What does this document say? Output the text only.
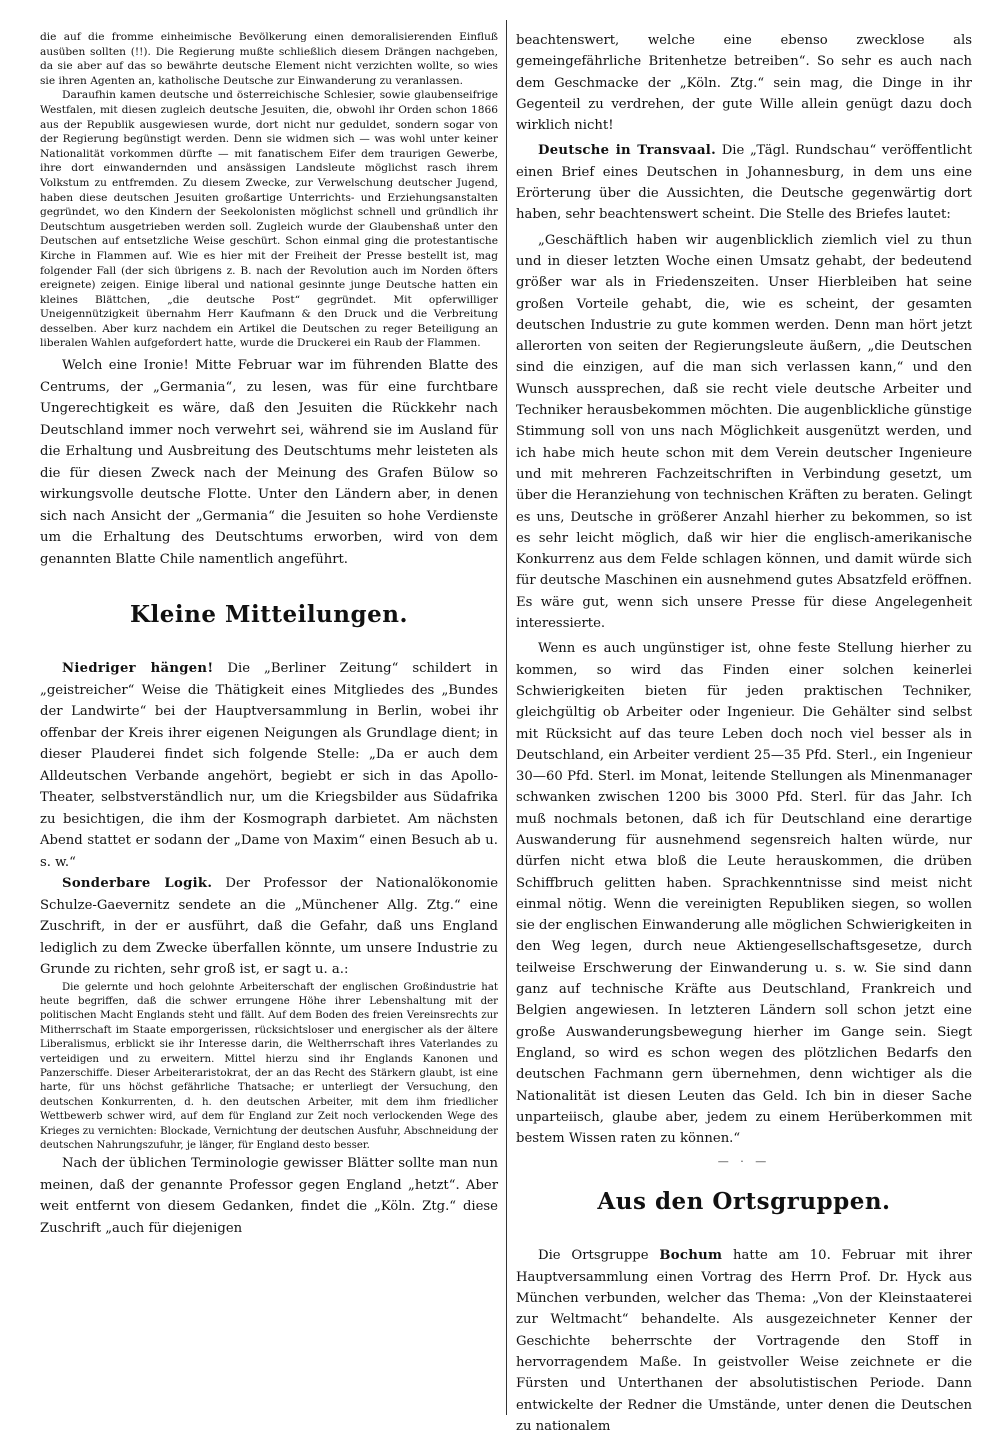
die auf die fromme einheimische Bevölkerung einen demoralisierenden Einfluß ausüben sollten (!!). Die Regierung mußte schließlich diesem Drängen nachgeben, da sie aber auf das so bewährte deutsche Element nicht verzichten wollte, so wies sie ihren Agenten an, katholische Deutsche zur Einwanderung zu veranlassen.

Daraufhin kamen deutsche und österreichische Schlesier, sowie glaubenseifrige Westfalen, mit diesen zugleich deutsche Jesuiten, die, obwohl ihr Orden schon 1866 aus der Republik ausgewiesen wurde, dort nicht nur geduldet, sondern sogar von der Regierung begünstigt werden. Denn sie widmen sich — was wohl unter keiner Nationalität vorkommen dürfte — mit fanatischem Eifer dem traurigen Gewerbe, ihre dort einwandernden und ansässigen Landsleute möglichst rasch ihrem Volkstum zu entfremden. Zu diesem Zwecke, zur Verwelschung deutscher Jugend, haben diese deutschen Jesuiten großartige Unterrichts- und Erziehungsanstalten gegründet, wo den Kindern der Seekolonisten möglichst schnell und gründlich ihr Deutschtum ausgetrieben werden soll. Zugleich wurde der Glaubenshaß unter den Deutschen auf entsetzliche Weise geschürt. Schon einmal ging die protestantische Kirche in Flammen auf. Wie es hier mit der Freiheit der Presse bestellt ist, mag folgender Fall (der sich übrigens z. B. nach der Revolution auch im Norden öfters ereignete) zeigen. Einige liberal und national gesinnte junge Deutsche hatten ein kleines Blättchen, „die deutsche Post“ gegründet. Mit opferwilliger Uneigennützigkeit übernahm Herr Kaufmann & den Druck und die Verbreitung desselben. Aber kurz nachdem ein Artikel die Deutschen zu reger Beteiligung an liberalen Wahlen aufgefordert hatte, wurde die Druckerei ein Raub der Flammen.

Welch eine Ironie! Mitte Februar war im führenden Blatte des Centrums, der „Germania“, zu lesen, was für eine furchtbare Ungerechtigkeit es wäre, daß den Jesuiten die Rückkehr nach Deutschland immer noch verwehrt sei, während sie im Ausland für die Erhaltung und Ausbreitung des Deutschtums mehr leisteten als die für diesen Zweck nach der Meinung des Grafen Bülow so wirkungsvolle deutsche Flotte. Unter den Ländern aber, in denen sich nach Ansicht der „Germania“ die Jesuiten so hohe Verdienste um die Erhaltung des Deutschtums erworben, wird von dem genannten Blatte Chile namentlich angeführt.

Kleine Mitteilungen.

Niedriger hängen! Die „Berliner Zeitung“ schildert in „geistreicher“ Weise die Thätigkeit eines Mitgliedes des „Bundes der Landwirte“ bei der Hauptversammlung in Berlin, wobei ihr offenbar der Kreis ihrer eigenen Neigungen als Grundlage dient; in dieser Plauderei findet sich folgende Stelle: „Da er auch dem Alldeutschen Verbande angehört, begiebt er sich in das Apollo-Theater, selbstverständlich nur, um die Kriegsbilder aus Südafrika zu besichtigen, die ihm der Kosmograph darbietet. Am nächsten Abend stattet er sodann der „Dame von Maxim“ einen Besuch ab u. s. w.“

Sonderbare Logik. Der Professor der Nationalökonomie Schulze-Gaevernitz sendete an die „Münchener Allg. Ztg.“ eine Zuschrift, in der er ausführt, daß die Gefahr, daß uns England lediglich zu dem Zwecke überfallen könnte, um unsere Industrie zu Grunde zu richten, sehr groß ist, er sagt u. a.:

Die gelernte und hoch gelohnte Arbeiterschaft der englischen Großindustrie hat heute begriffen, daß die schwer errungene Höhe ihrer Lebenshaltung mit der politischen Macht Englands steht und fällt. Auf dem Boden des freien Vereinsrechts zur Mitherrschaft im Staate emporgerissen, rücksichtsloser und energischer als der ältere Liberalismus, erblickt sie ihr Interesse darin, die Weltherrschaft ihres Vaterlandes zu verteidigen und zu erweitern. Mittel hierzu sind ihr Englands Kanonen und Panzerschiffe. Dieser Arbeiteraristokrat, der an das Recht des Stärkern glaubt, ist eine harte, für uns höchst gefährliche Thatsache; er unterliegt der Versuchung, den deutschen Konkurrenten, d. h. den deutschen Arbeiter, mit dem ihm friedlicher Wettbewerb schwer wird, auf dem für England zur Zeit noch verlockenden Wege des Krieges zu vernichten: Blockade, Vernichtung der deutschen Ausfuhr, Abschneidung der deutschen Nahrungszufuhr, je länger, für England desto besser.

Nach der üblichen Terminologie gewisser Blätter sollte man nun meinen, daß der genannte Professor gegen England „hetzt“. Aber weit entfernt von diesem Gedanken, findet die „Köln. Ztg.“ diese Zuschrift „auch für diejenigen

beachtenswert, welche eine ebenso zwecklose als gemeingefährliche Britenhetze betreiben“. So sehr es auch nach dem Geschmacke der „Köln. Ztg.“ sein mag, die Dinge in ihr Gegenteil zu verdrehen, der gute Wille allein genügt dazu doch wirklich nicht!

Deutsche in Transvaal. Die „Tägl. Rundschau“ veröffentlicht einen Brief eines Deutschen in Johannesburg, in dem uns eine Erörterung über die Aussichten, die Deutsche gegenwärtig dort haben, sehr beachtenswert scheint. Die Stelle des Briefes lautet:

„Geschäftlich haben wir augenblicklich ziemlich viel zu thun und in dieser letzten Woche einen Umsatz gehabt, der bedeutend größer war als in Friedenszeiten. Unser Hierbleiben hat seine großen Vorteile gehabt, die, wie es scheint, der gesamten deutschen Industrie zu gute kommen werden. Denn man hört jetzt allerorten von seiten der Regierungsleute äußern, „die Deutschen sind die einzigen, auf die man sich verlassen kann,“ und den Wunsch aussprechen, daß sie recht viele deutsche Arbeiter und Techniker herausbekommen möchten. Die augenblickliche günstige Stimmung soll von uns nach Möglichkeit ausgenützt werden, und ich habe mich heute schon mit dem Verein deutscher Ingenieure und mit mehreren Fachzeitschriften in Verbindung gesetzt, um über die Heranziehung von technischen Kräften zu beraten. Gelingt es uns, Deutsche in größerer Anzahl hierher zu bekommen, so ist es sehr leicht möglich, daß wir hier die englisch-amerikanische Konkurrenz aus dem Felde schlagen können, und damit würde sich für deutsche Maschinen ein ausnehmend gutes Absatzfeld eröffnen. Es wäre gut, wenn sich unsere Presse für diese Angelegenheit interessierte.

Wenn es auch ungünstiger ist, ohne feste Stellung hierher zu kommen, so wird das Finden einer solchen keinerlei Schwierigkeiten bieten für jeden praktischen Techniker, gleichgültig ob Arbeiter oder Ingenieur. Die Gehälter sind selbst mit Rücksicht auf das teure Leben doch noch viel besser als in Deutschland, ein Arbeiter verdient 25—35 Pfd. Sterl., ein Ingenieur 30—60 Pfd. Sterl. im Monat, leitende Stellungen als Minenmanager schwanken zwischen 1200 bis 3000 Pfd. Sterl. für das Jahr. Ich muß nochmals betonen, daß ich für Deutschland eine derartige Auswanderung für ausnehmend segensreich halten würde, nur dürfen nicht etwa bloß die Leute herauskommen, die drüben Schiffbruch gelitten haben. Sprachkenntnisse sind meist nicht einmal nötig. Wenn die vereinigten Republiken siegen, so wollen sie der englischen Einwanderung alle möglichen Schwierigkeiten in den Weg legen, durch neue Aktiengesellschaftsgesetze, durch teilweise Erschwerung der Einwanderung u. s. w. Sie sind dann ganz auf technische Kräfte aus Deutschland, Frankreich und Belgien angewiesen. In letzteren Ländern soll schon jetzt eine große Auswanderungsbewegung hierher im Gange sein. Siegt England, so wird es schon wegen des plötzlichen Bedarfs den deutschen Fachmann gern übernehmen, denn wichtiger als die Nationalität ist diesen Leuten das Geld. Ich bin in dieser Sache unparteiisch, glaube aber, jedem zu einem Herüberkommen mit bestem Wissen raten zu können.“

— · —
Aus den Ortsgruppen.

Die Ortsgruppe Bochum hatte am 10. Februar mit ihrer Hauptversammlung einen Vortrag des Herrn Prof. Dr. Hyck aus München verbunden, welcher das Thema: „Von der Kleinstaaterei zur Weltmacht“ behandelte. Als ausgezeichneter Kenner der Geschichte beherrschte der Vortragende den Stoff in hervorragendem Maße. In geistvoller Weise zeichnete er die Fürsten und Unterthanen der absolutistischen Periode. Dann entwickelte der Redner die Umstände, unter denen die Deutschen zu nationalem
